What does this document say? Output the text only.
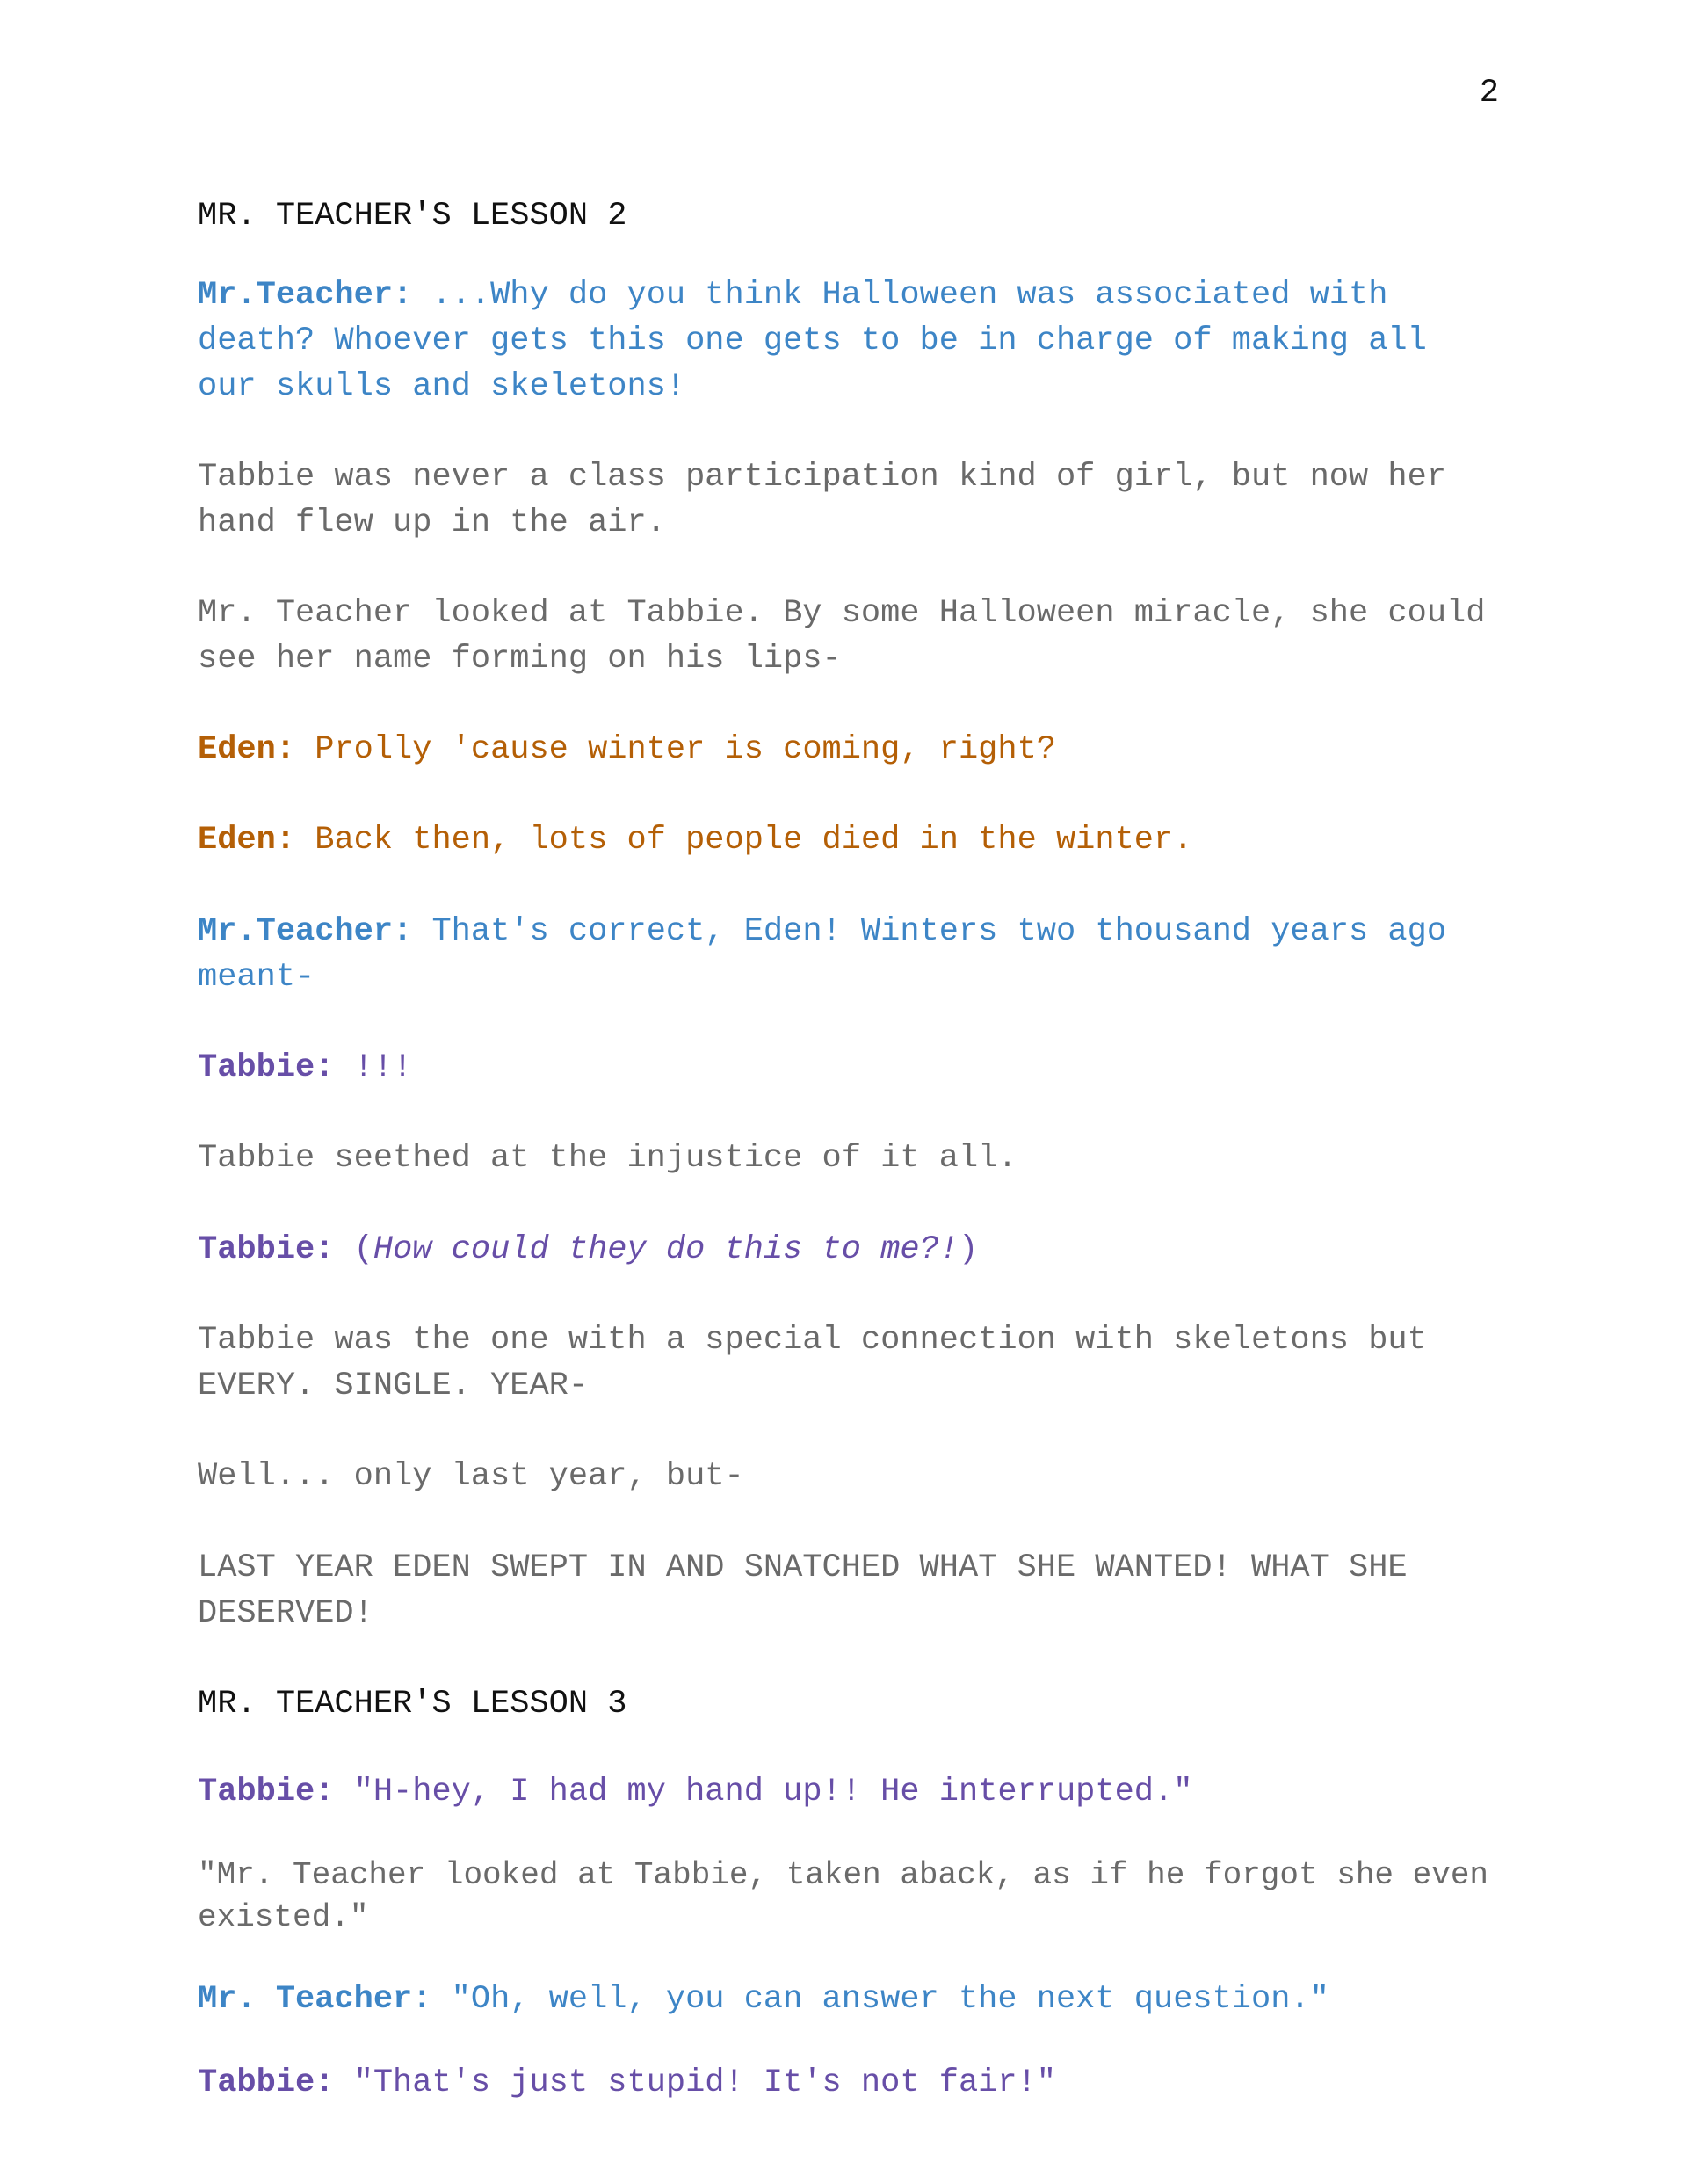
2

MR. TEACHER'S LESSON 2

Mr.Teacher: ...Why do you think Halloween was associated with death? Whoever gets this one gets to be in charge of making all our skulls and skeletons!

Tabbie was never a class participation kind of girl, but now her hand flew up in the air.

Mr. Teacher looked at Tabbie. By some Halloween miracle, she could see her name forming on his lips-

Eden: Prolly 'cause winter is coming, right?

Eden: Back then, lots of people died in the winter.

Mr.Teacher: That's correct, Eden! Winters two thousand years ago meant-

Tabbie: !!!

Tabbie seethed at the injustice of it all.

Tabbie: (How could they do this to me?!)

Tabbie was the one with a special connection with skeletons but EVERY. SINGLE. YEAR-

Well... only last year, but-

LAST YEAR EDEN SWEPT IN AND SNATCHED WHAT SHE WANTED! WHAT SHE DESERVED!

MR. TEACHER'S LESSON 3

Tabbie: "H-hey, I had my hand up!! He interrupted."

"Mr. Teacher looked at Tabbie, taken aback, as if he forgot she even existed."

Mr. Teacher: "Oh, well, you can answer the next question."

Tabbie: "That's just stupid! It's not fair!"
